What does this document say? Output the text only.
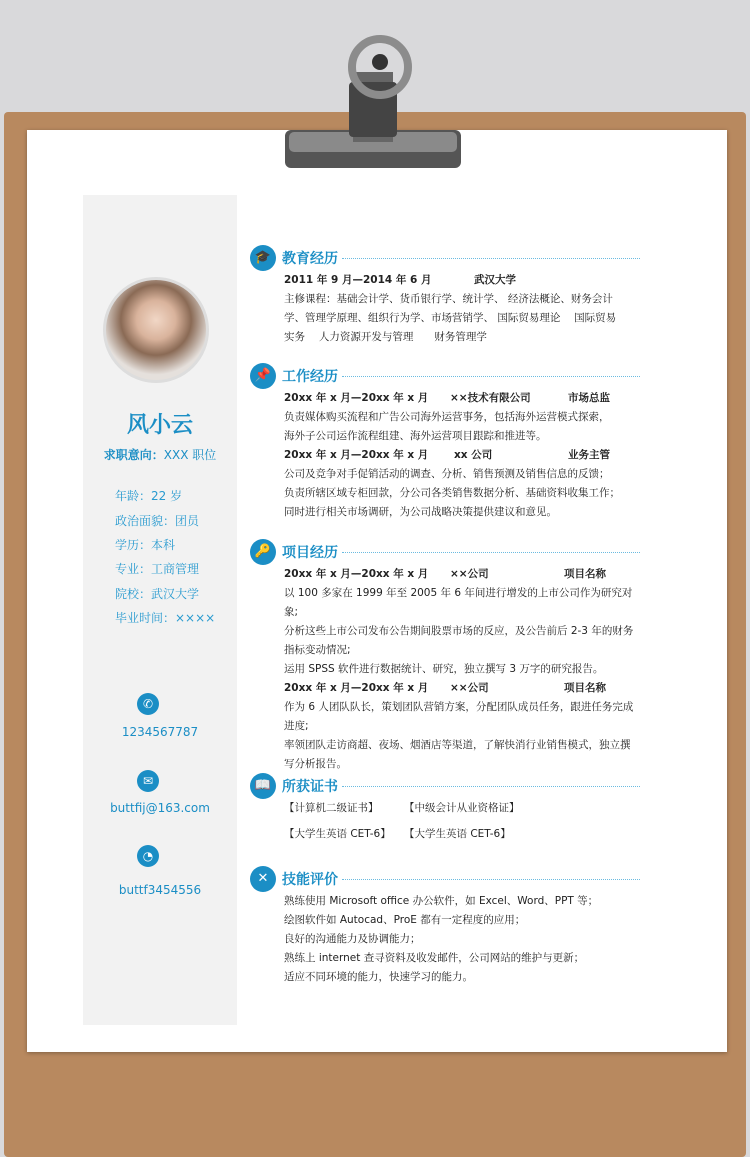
风小云
求职意向：XXX 职位
年龄：22 岁
政治面貌：团员
学历：本科
专业：工商管理
院校：武汉大学
毕业时间：××××
✆
1234567787
✉
buttfij@163.com
◔
buttf3454556
🎓 教育经历
2011 年 9 月—2014 年 6 月	武汉大学
主修课程：基础会计学、货币银行学、统计学、 经济法概论、财务会计
学、管理学原理、组织行为学、市场营销学、 国际贸易理论　 国际贸易
实务　 人力资源开发与管理　　财务管理学
📌 工作经历
20xx 年 x 月—20xx 年 x 月	××技术有限公司	市场总监
负责媒体购买流程和广告公司海外运营事务，包括海外运营模式探索，
海外子公司运作流程组建、海外运营项目跟踪和推进等。
20xx 年 x 月—20xx 年 x 月	xx 公司	业务主管
公司及竞争对手促销活动的调查、分析、销售预测及销售信息的反馈；
负责所辖区域专柜回款，分公司各类销售数据分析、基础资料收集工作；
同时进行相关市场调研，为公司战略决策提供建议和意见。
🔑 项目经历
20xx 年 x 月—20xx 年 x 月	××公司	项目名称
以 100 多家在 1999 年至 2005 年 6 年间进行增发的上市公司作为研究对象;
分析这些上市公司发布公告期间股票市场的反应，及公告前后 2-3 年的财务
指标变动情况;
运用 SPSS 软件进行数据统计、研究，独立撰写 3 万字的研究报告。
20xx 年 x 月—20xx 年 x 月	××公司	项目名称
作为 6 人团队队长，策划团队营销方案，分配团队成员任务，跟进任务完成
进度;
率领团队走访商超、夜场、烟酒店等渠道，了解快消行业销售模式，独立撰
写分析报告。
📖 所获证书
【计算机二级证书】	【中级会计从业资格证】
【大学生英语 CET-6】	【大学生英语 CET-6】
✕ 技能评价
熟练使用 Microsoft office 办公软件，如 Excel、Word、PPT 等；
绘图软件如 Autocad、ProE 都有一定程度的应用；
良好的沟通能力及协调能力；
熟练上 internet 查寻资料及收发邮件，公司网站的维护与更新；
适应不同环境的能力，快速学习的能力。
